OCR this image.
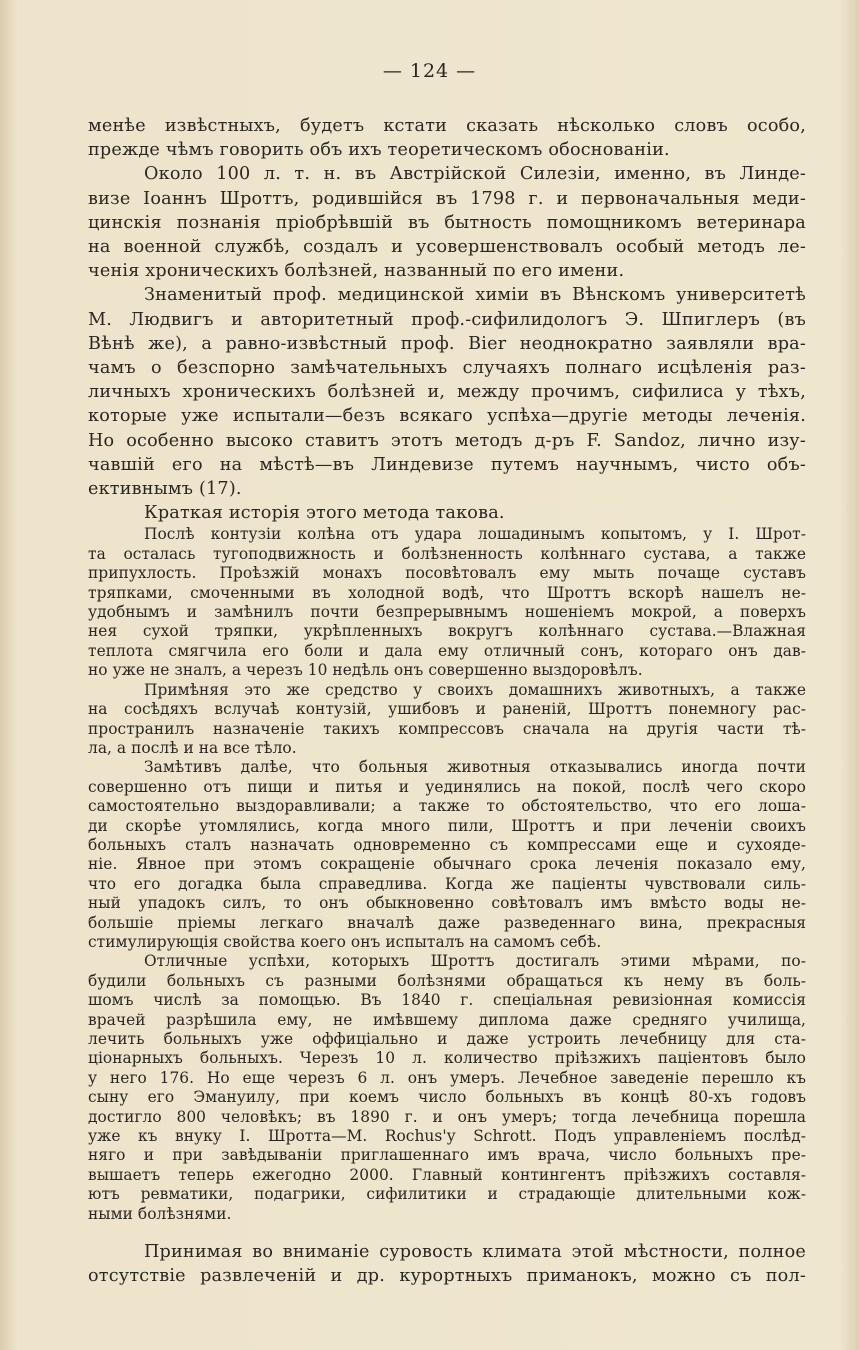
— 124 —
менѣе извѣстныхъ, будетъ кстати сказать нѣсколько словъ особо,
прежде чѣмъ говорить объ ихъ теоретическомъ обоснованіи.
Около 100 л. т. н. въ Австрійской Силезіи, именно, въ Линде-
визе Іоаннъ Шроттъ, родившійся въ 1798 г. и первоначальныя меди-
цинскія познанія пріобрѣвшій въ бытность помощникомъ ветеринара
на военной службѣ, создалъ и усовершенствовалъ особый методъ ле-
ченія хроническихъ болѣзней, названный по его имени.
Знаменитый проф. медицинской химіи въ Вѣнскомъ университетѣ
М. Людвигъ и авторитетный проф.-сифилидологъ Э. Шпиглеръ (въ
Вѣнѣ же), а равно-извѣстный проф. Bier неоднократно заявляли вра-
чамъ о безспорно замѣчательныхъ случаяхъ полнаго исцѣленія раз-
личныхъ хроническихъ болѣзней и, между прочимъ, сифилиса у тѣхъ,
которые уже испытали—безъ всякаго успѣха—другіе методы леченія.
Но особенно высоко ставитъ этотъ методъ д-ръ F. Sandoz, лично изу-
чавшій его на мѣстѣ—въ Линдевизе путемъ научнымъ, чисто объ-
ективнымъ (17).
Краткая исторія этого метода такова.
Послѣ контузіи колѣна отъ удара лошадинымъ копытомъ, у І. Шрот-
та осталась тугоподвижность и болѣзненность колѣннаго сустава, а также
припухлость. Проѣзжій монахъ посовѣтовалъ ему мыть почаще суставъ
тряпками, смоченными въ холодной водѣ, что Шроттъ вскорѣ нашелъ не-
удобнымъ и замѣнилъ почти безпрерывнымъ ношеніемъ мокрой, а поверхъ
нея сухой тряпки, укрѣпленныхъ вокругъ колѣннаго сустава.—Влажная
теплота смягчила его боли и дала ему отличный сонъ, котораго онъ дав-
но уже не зналъ, а черезъ 10 недѣль онъ совершенно выздоровѣлъ.
Примѣняя это же средство у своихъ домашнихъ животныхъ, а также
на сосѣдяхъ вслучаѣ контузій, ушибовъ и раненій, Шроттъ понемногу рас-
пространилъ назначеніе такихъ компрессовъ сначала на другія части тѣ-
ла, а послѣ и на все тѣло.
Замѣтивъ далѣе, что больныя животныя отказывались иногда почти
совершенно отъ пищи и питья и уединялись на покой, послѣ чего скоро
самостоятельно выздоравливали; а также то обстоятельство, что его лоша-
ди скорѣе утомлялись, когда много пили, Шроттъ и при леченіи своихъ
больныхъ сталъ назначать одновременно съ компрессами еще и сухояде-
ніе. Явное при этомъ сокращеніе обычнаго срока леченія показало ему,
что его догадка была справедлива. Когда же паціенты чувствовали силь-
ный упадокъ силъ, то онъ обыкновенно совѣтовалъ имъ вмѣсто воды не-
большіе пріемы легкаго вначалѣ даже разведеннаго вина, прекрасныя
стимулирующія свойства коего онъ испыталъ на самомъ себѣ.
Отличные успѣхи, которыхъ Шроттъ достигалъ этими мѣрами, по-
будили больныхъ съ разными болѣзнями обращаться къ нему въ боль-
шомъ числѣ за помощью. Въ 1840 г. спеціальная ревизіонная комиссія
врачей разрѣшила ему, не имѣвшему диплома даже средняго училища,
лечить больныхъ уже оффиціально и даже устроить лечебницу для ста-
ціонарныхъ больныхъ. Черезъ 10 л. количество пріѣзжихъ паціентовъ было
у него 176. Но еще черезъ 6 л. онъ умеръ. Лечебное заведеніе перешло къ
сыну его Эмануилу, при коемъ число больныхъ въ концѣ 80-хъ годовъ
достигло 800 человѣкъ; въ 1890 г. и онъ умеръ; тогда лечебница порешла
уже къ внуку І. Шротта—M. Rochus'у Schrott. Подъ управленіемъ послѣд-
няго и при завѣдываніи приглашеннаго имъ врача, число больныхъ пре-
вышаетъ теперь ежегодно 2000. Главный контингентъ пріѣзжихъ составля-
ютъ ревматики, подагрики, сифилитики и страдающіе длительными кож-
ными болѣзнями.
Принимая во вниманіе суровость климата этой мѣстности, полное
отсутствіе развлеченій и др. курортныхъ приманокъ, можно съ пол-
